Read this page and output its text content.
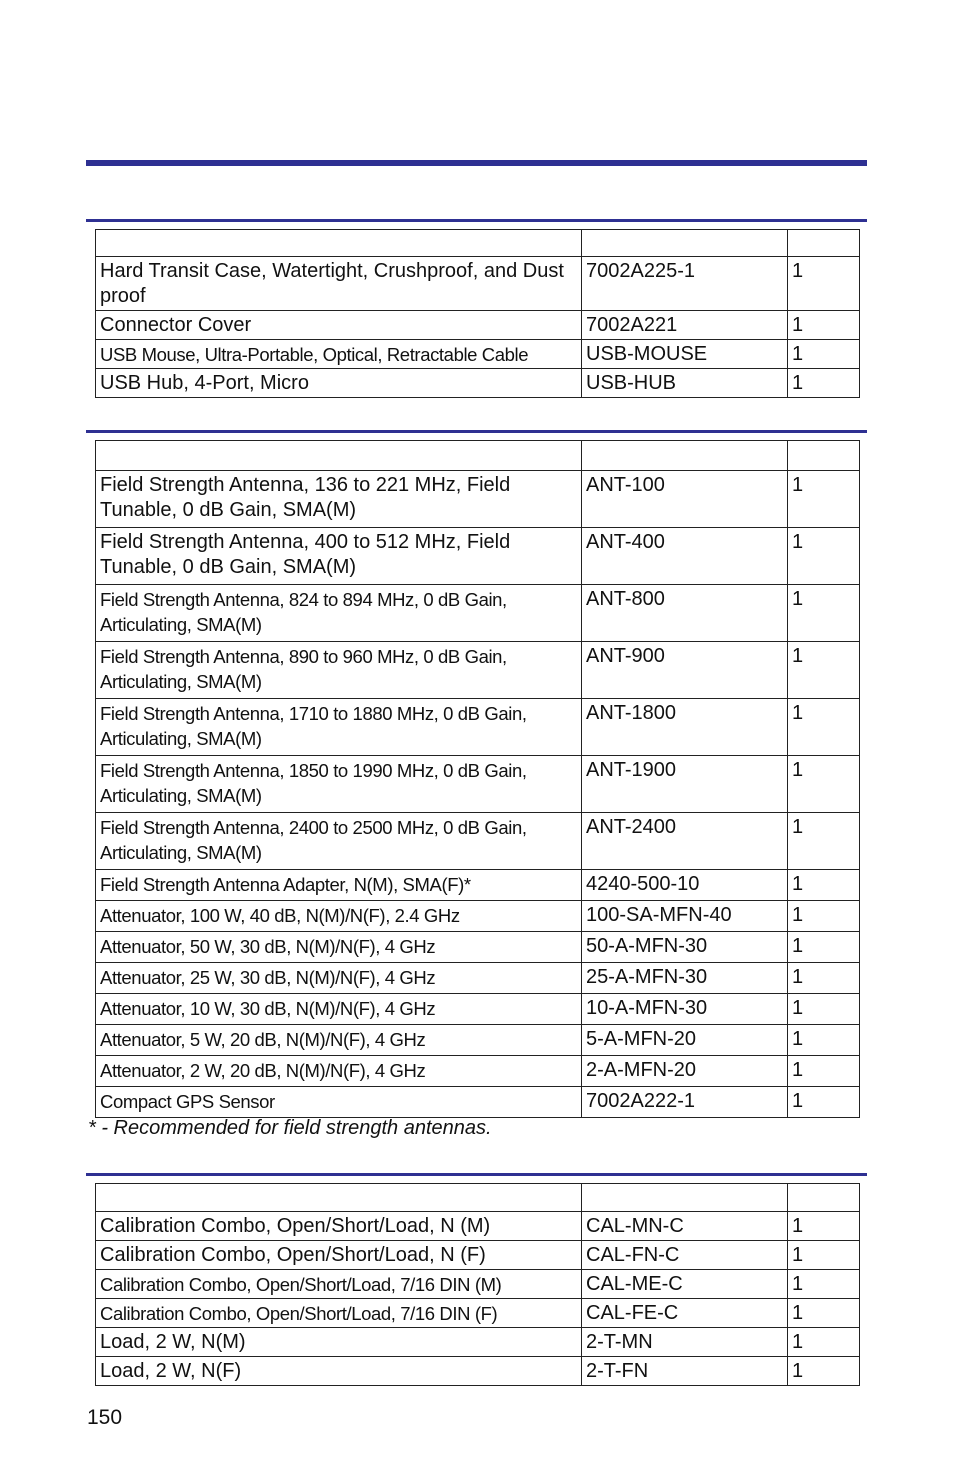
Hard Transit Case, Watertight, Crushproof, and Dust proof	7002A225-1	1
Connector Cover	7002A221	1
USB Mouse, Ultra-Portable, Optical, Retractable Cable	USB-MOUSE	1
USB Hub, 4-Port, Micro	USB-HUB	1

Field Strength Antenna, 136 to 221 MHz, Field Tunable, 0 dB Gain, SMA(M)	ANT-100	1
Field Strength Antenna, 400 to 512 MHz, Field Tunable, 0 dB Gain, SMA(M)	ANT-400	1
Field Strength Antenna, 824 to 894 MHz, 0 dB Gain, Articulating, SMA(M)	ANT-800	1
Field Strength Antenna, 890 to 960 MHz, 0 dB Gain, Articulating, SMA(M)	ANT-900	1
Field Strength Antenna, 1710 to 1880 MHz, 0 dB Gain, Articulating, SMA(M)	ANT-1800	1
Field Strength Antenna, 1850 to 1990 MHz, 0 dB Gain, Articulating, SMA(M)	ANT-1900	1
Field Strength Antenna, 2400 to 2500 MHz, 0 dB Gain, Articulating, SMA(M)	ANT-2400	1
Field Strength Antenna Adapter, N(M), SMA(F)*	4240-500-10	1
Attenuator, 100 W, 40 dB, N(M)/N(F), 2.4 GHz	100-SA-MFN-40	1
Attenuator, 50 W, 30 dB, N(M)/N(F), 4 GHz	50-A-MFN-30	1
Attenuator, 25 W, 30 dB, N(M)/N(F), 4 GHz	25-A-MFN-30	1
Attenuator, 10 W, 30 dB, N(M)/N(F), 4 GHz	10-A-MFN-30	1
Attenuator, 5 W, 20 dB, N(M)/N(F), 4 GHz	5-A-MFN-20	1
Attenuator, 2 W, 20 dB, N(M)/N(F), 4 GHz	2-A-MFN-20	1
Compact GPS Sensor	7002A222-1	1
* - Recommended for field strength antennas.

Calibration Combo, Open/Short/Load, N (M)	CAL-MN-C	1
Calibration Combo, Open/Short/Load, N (F)	CAL-FN-C	1
Calibration Combo, Open/Short/Load, 7/16 DIN (M)	CAL-ME-C	1
Calibration Combo, Open/Short/Load, 7/16 DIN (F)	CAL-FE-C	1
Load, 2 W, N(M)	2-T-MN	1
Load, 2 W, N(F)	2-T-FN	1
150
